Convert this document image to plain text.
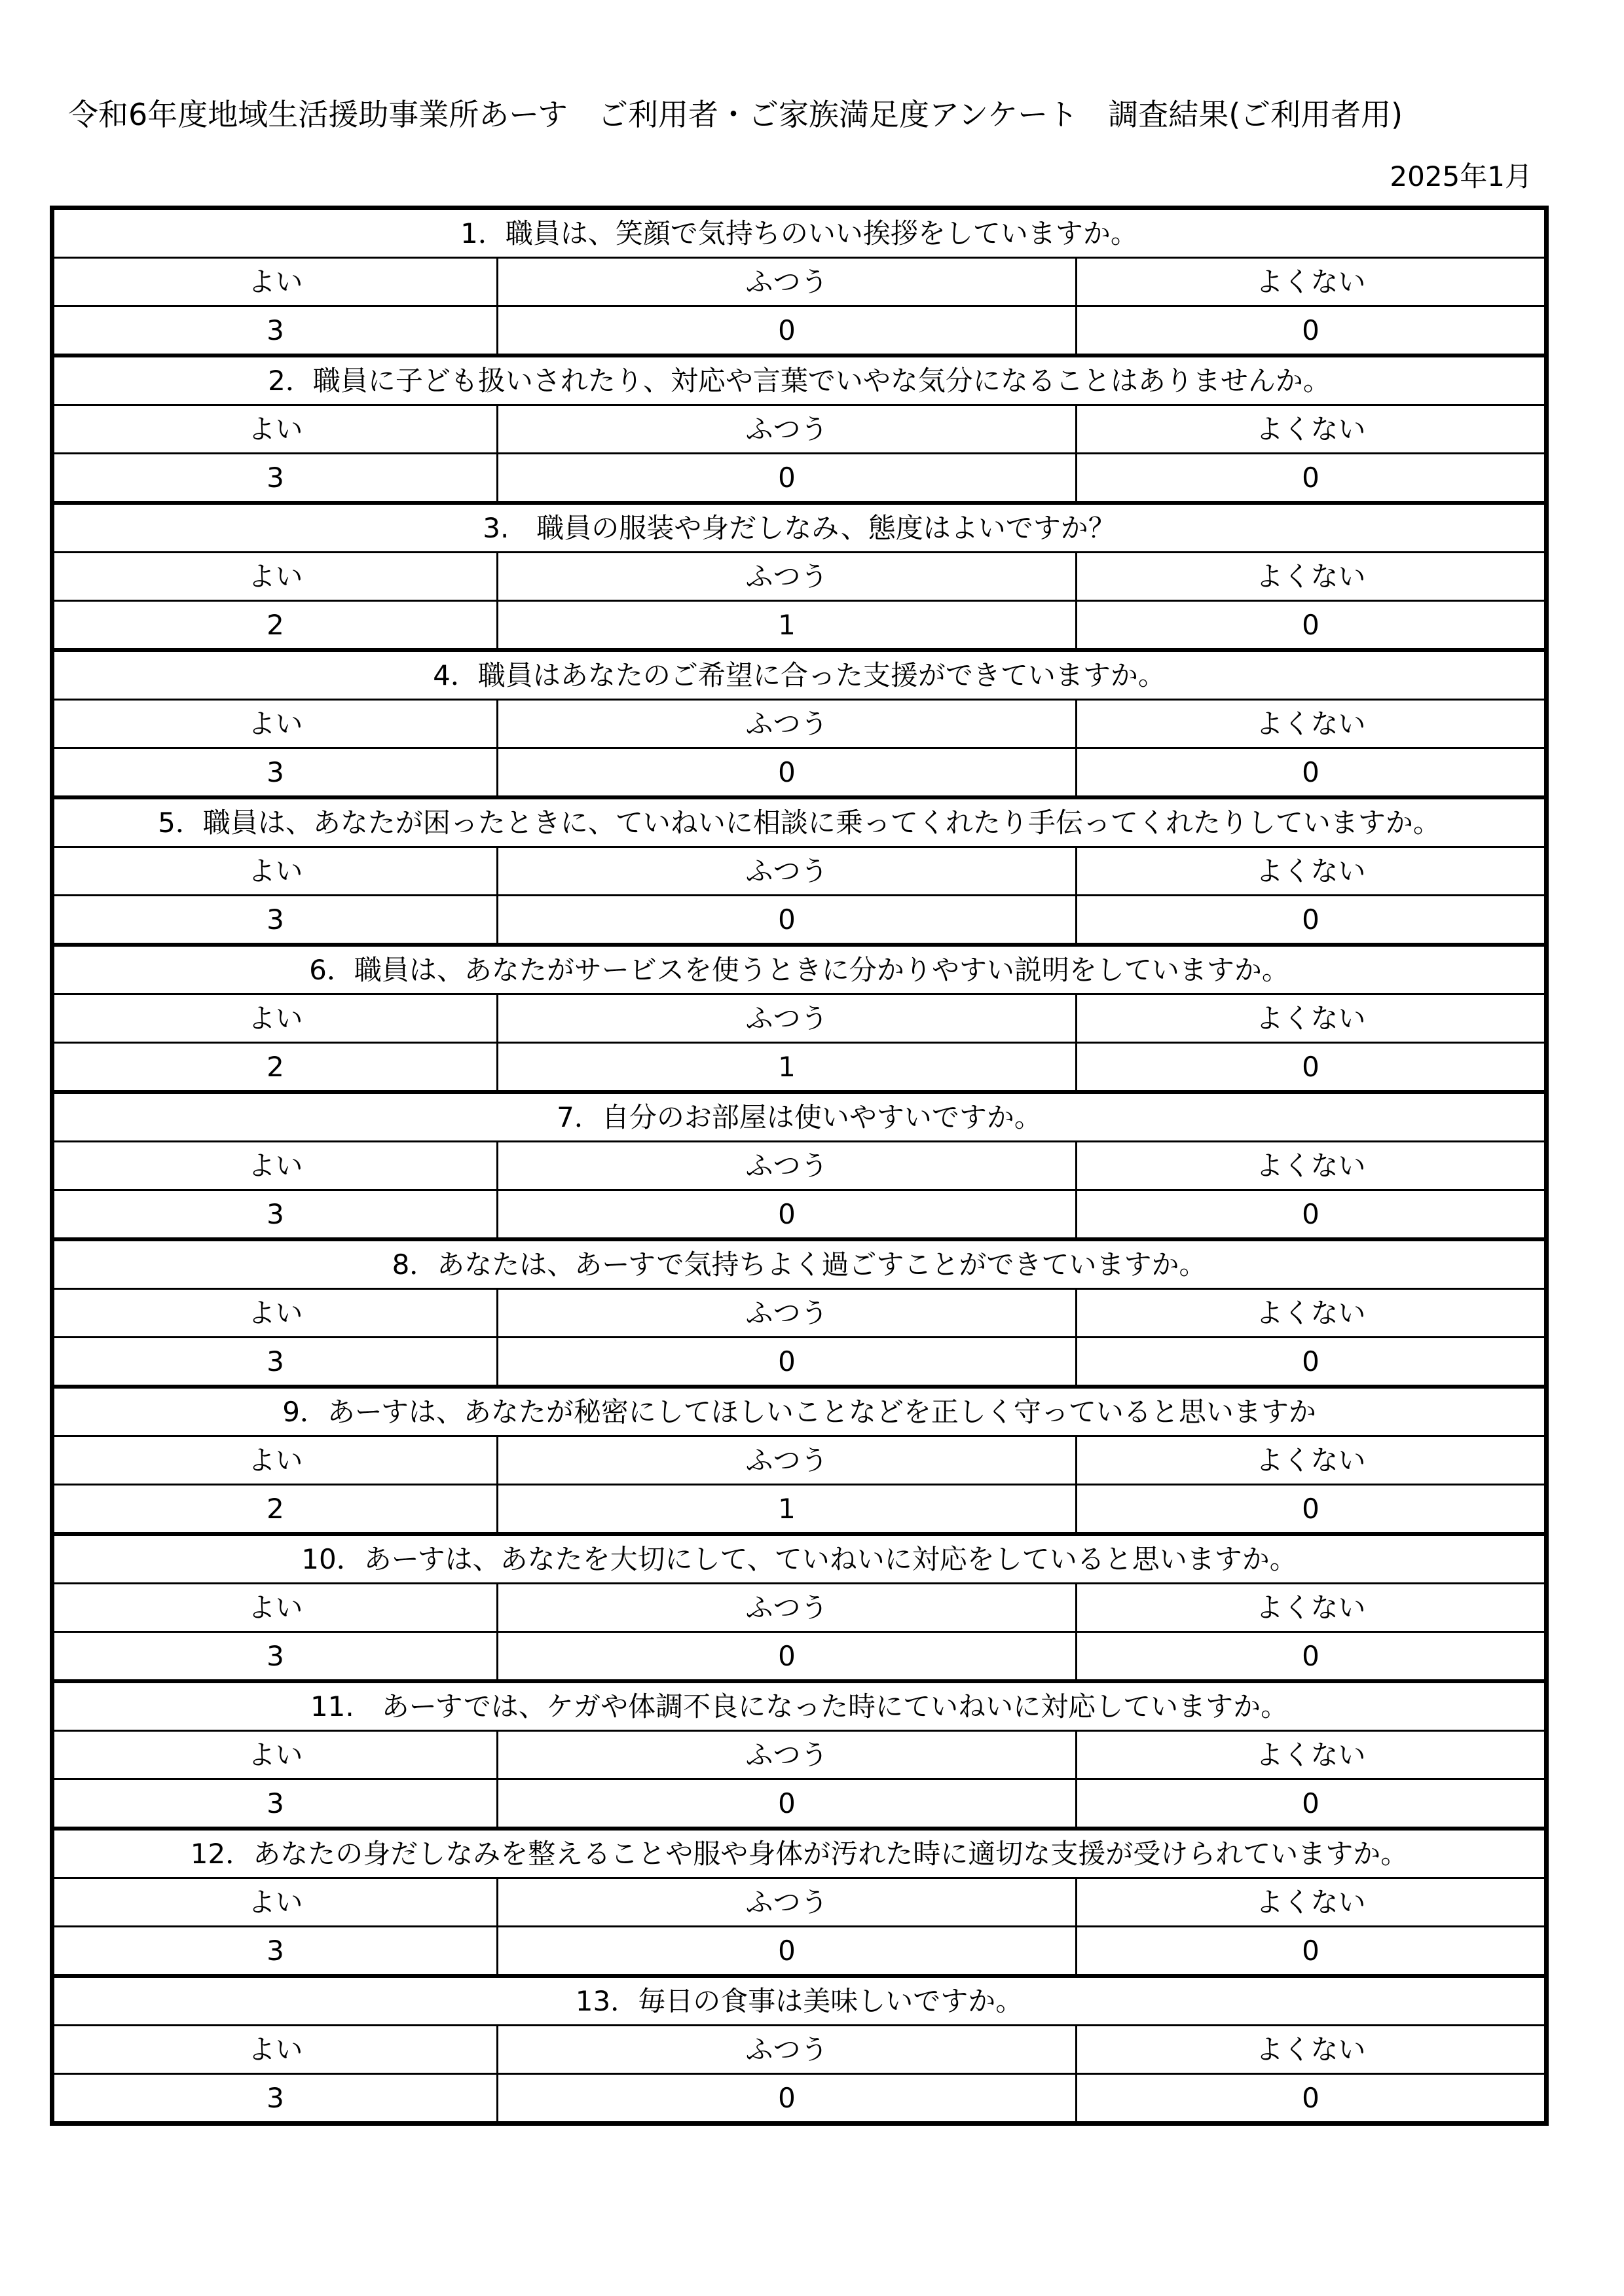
令和6年度地域生活援助事業所あーす　ご利用者・ご家族満足度アンケート　調査結果(ご利用者用)
2025年1月
1．職員は、笑顔で気持ちのいい挨拶をしていますか。		
よい	ふつう	よくない
3	0	0
2．職員に子ども扱いされたり、対応や言葉でいやな気分になることはありませんか。		
よい	ふつう	よくない
3	0	0
3.　職員の服装や身だしなみ、態度はよいですか？		
よい	ふつう	よくない
2	1	0
4．職員はあなたのご希望に合った支援ができていますか。		
よい	ふつう	よくない
3	0	0
5．職員は、あなたが困ったときに、ていねいに相談に乗ってくれたり手伝ってくれたりしていますか。		
よい	ふつう	よくない
3	0	0
6．職員は、あなたがサービスを使うときに分かりやすい説明をしていますか。		
よい	ふつう	よくない
2	1	0
7．自分のお部屋は使いやすいですか。		
よい	ふつう	よくない
3	0	0
8．あなたは、あーすで気持ちよく過ごすことができていますか。		
よい	ふつう	よくない
3	0	0
9．あーすは、あなたが秘密にしてほしいことなどを正しく守っていると思いますか		
よい	ふつう	よくない
2	1	0
10．あーすは、あなたを大切にして、ていねいに対応をしていると思いますか。		
よい	ふつう	よくない
3	0	0
11.　あーすでは、ケガや体調不良になった時にていねいに対応していますか。		
よい	ふつう	よくない
3	0	0
12．あなたの身だしなみを整えることや服や身体が汚れた時に適切な支援が受けられていますか。		
よい	ふつう	よくない
3	0	0
13．毎日の食事は美味しいですか。		
よい	ふつう	よくない
3	0	0
